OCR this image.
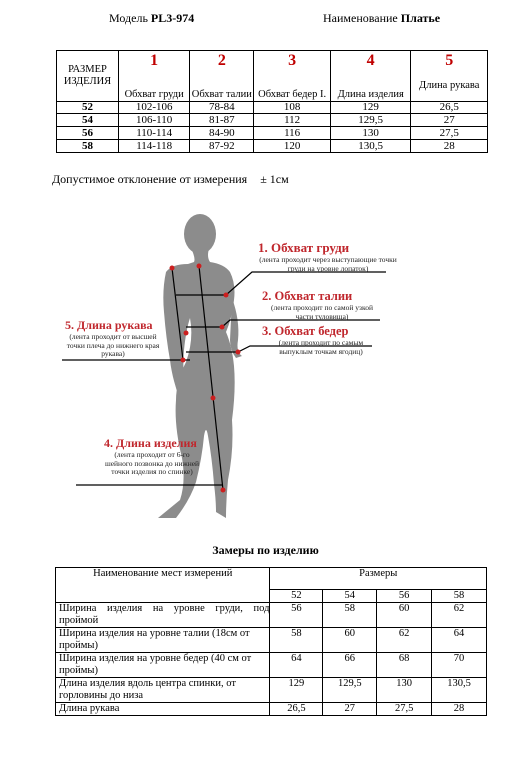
Модель PL3-974	Наименование Платье
РАЗМЕР ИЗДЕЛИЯ	1	2	3	4	5
	Обхват груди	Обхват талии	Обхват бедер I.	Длина изделия	Длина рукава
52	102-106	78-84	108	129	26,5
54	106-110	81-87	112	129,5	27
56	110-114	84-90	116	130	27,5
58	114-118	87-92	120	130,5	28
Допустимое отклонение от измерения ± 1см
1. Обхват груди
(лента проходит через выступающие точки груди на уровне лопаток)
2. Обхват талии
(лента проходит по самой узкой части туловища)
3. Обхват бедер
(лента проходит по самым выпуклым точкам ягодиц)
5. Длина рукава
(лента проходит от высшей точки плеча до нижнего края рукава)
4. Длина изделия
(лента проходит от 6-го шейного позвонка до нижней точки изделия по спинке)
Замеры по изделию
Наименование мест измерений	Размеры			
	52	54	56	58
Ширина изделия на уровне груди, под проймой	56	58	60	62
Ширина изделия на уровне талии (18см от проймы)	58	60	62	64
Ширина изделия на уровне бедер (40 см от проймы)	64	66	68	70
Длина изделия вдоль центра спинки, от горловины до низа	129	129,5	130	130,5
Длина рукава	26,5	27	27,5	28
